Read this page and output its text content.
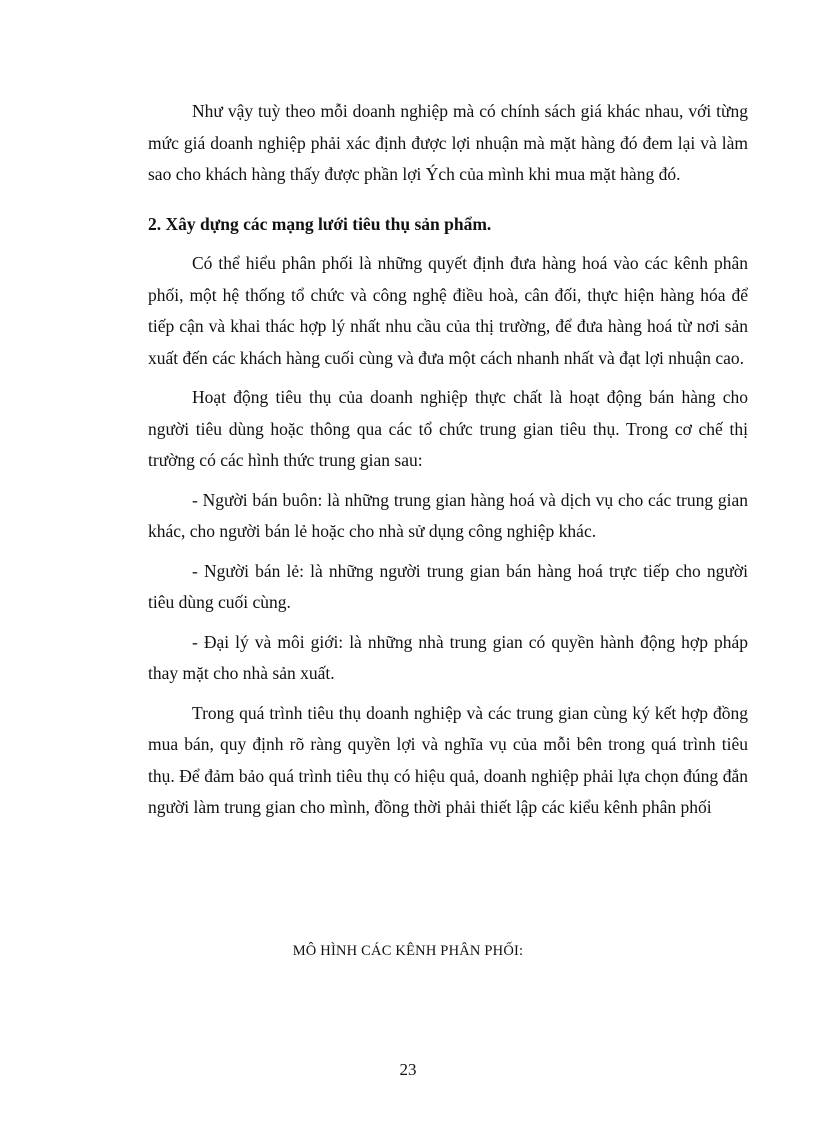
Như vậy tuỳ theo mỗi doanh nghiệp mà có chính sách giá khác nhau, với từng mức giá doanh nghiệp phải xác định được lợi nhuận mà mặt hàng đó đem lại và làm sao cho khách hàng thấy được phần lợi Ých của mình khi mua mặt hàng đó.

2. Xây dựng các mạng lưới tiêu thụ sản phẩm.

Có thể hiểu phân phối là những quyết định đưa hàng hoá vào các kênh phân phối, một hệ thống tổ chức và công nghệ điều hoà, cân đối, thực hiện hàng hóa để tiếp cận và khai thác hợp lý nhất nhu cầu của thị trường, để đưa hàng hoá từ nơi sản xuất đến các khách hàng cuối cùng và đưa một cách nhanh nhất và đạt lợi nhuận cao.

Hoạt động tiêu thụ của doanh nghiệp thực chất là hoạt động bán hàng cho người tiêu dùng hoặc thông qua các tổ chức trung gian tiêu thụ. Trong cơ chế thị trường có các hình thức trung gian sau:

- Người bán buôn: là những trung gian hàng hoá và dịch vụ cho các trung gian khác, cho người bán lẻ hoặc cho nhà sử dụng công nghiệp khác.

- Người bán lẻ: là những người trung gian bán hàng hoá trực tiếp cho người tiêu dùng cuối cùng.

- Đại lý và môi giới: là những nhà trung gian có quyền hành động hợp pháp thay mặt cho nhà sản xuất.

Trong quá trình tiêu thụ doanh nghiệp và các trung gian cùng ký kết hợp đồng mua bán, quy định rõ ràng quyền lợi và nghĩa vụ của mỗi bên trong quá trình tiêu thụ. Để đảm bảo quá trình tiêu thụ có hiệu quả, doanh nghiệp phải lựa chọn đúng đắn người làm trung gian cho mình, đồng thời phải thiết lập các kiểu kênh phân phối

MÔ HÌNH CÁC KÊNH PHÂN PHỐI:
23
